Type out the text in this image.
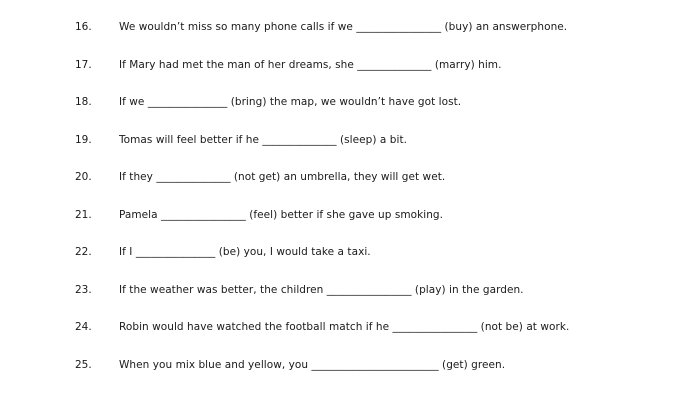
16.	We wouldn’t miss so many phone calls if we ________________ (buy) an answerphone.
17.	If Mary had met the man of her dreams, she ______________ (marry) him.
18.	If we _______________ (bring) the map, we wouldn’t have got lost.
19.	Tomas will feel better if he ______________ (sleep) a bit.
20.	If they ______________ (not get) an umbrella, they will get wet.
21.	Pamela ________________ (feel) better if she gave up smoking.
22.	If I _______________ (be) you, I would take a taxi.
23.	If the weather was better, the children ________________ (play) in the garden.
24.	Robin would have watched the football match if he ________________ (not be) at work.
25.	When you mix blue and yellow, you ________________________ (get) green.
